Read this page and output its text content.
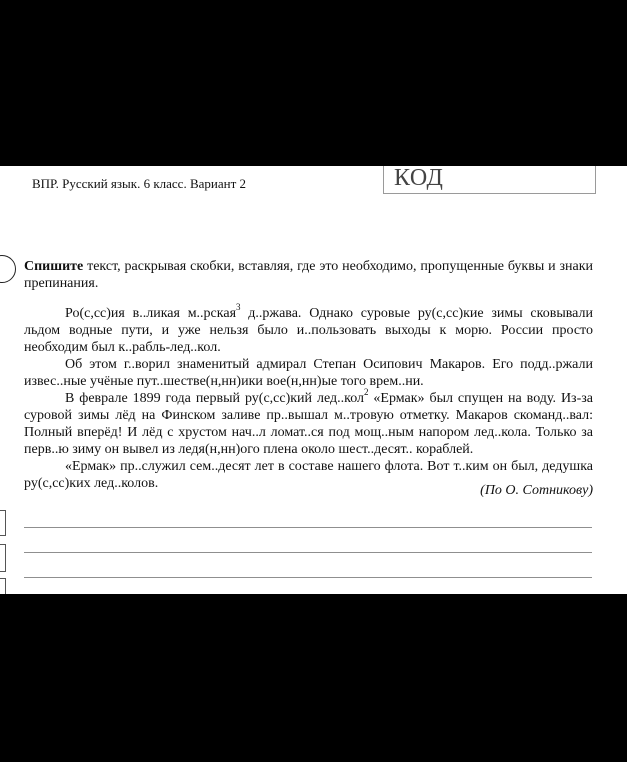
ВПР. Русский язык. 6 класс. Вариант 2	КОД
Спишите текст, раскрывая скобки, вставляя, где это необходимо, пропущенные буквы и знаки препинания.

Ро(с,сс)ия в..ликая м..рская$^3$ д..ржава. Однако суровые ру(с,сс)кие зимы сковывали льдом водные пути, и уже нельзя было и..пользовать выходы к морю. России просто необходим был к..рабль-лед..кол.

Об этом г..ворил знаменитый адмирал Степан Осипович Макаров. Его подд..ржали извес..ные учёные пут..шестве(н,нн)ики вое(н,нн)ые того врем..ни.

В феврале 1899 года первый ру(с,сс)кий лед..кол$^2$ «Ермак» был спущен на воду. Из-за суровой зимы лёд на Финском заливе пр..вышал м..тровую отметку. Макаров скоманд..вал: Полный вперёд! И лёд с хрустом нач..л ломат..ся под мощ..ным напором лед..кола. Только за перв..ю зиму он вывел из ледя(н,нн)ого плена около шест..десят.. кораблей.

«Ермак» пр..служил сем..десят лет в составе нашего флота. Вот т..ким он был, дедушка ру(с,сс)ких лед..колов.	(По О. Сотникову)
